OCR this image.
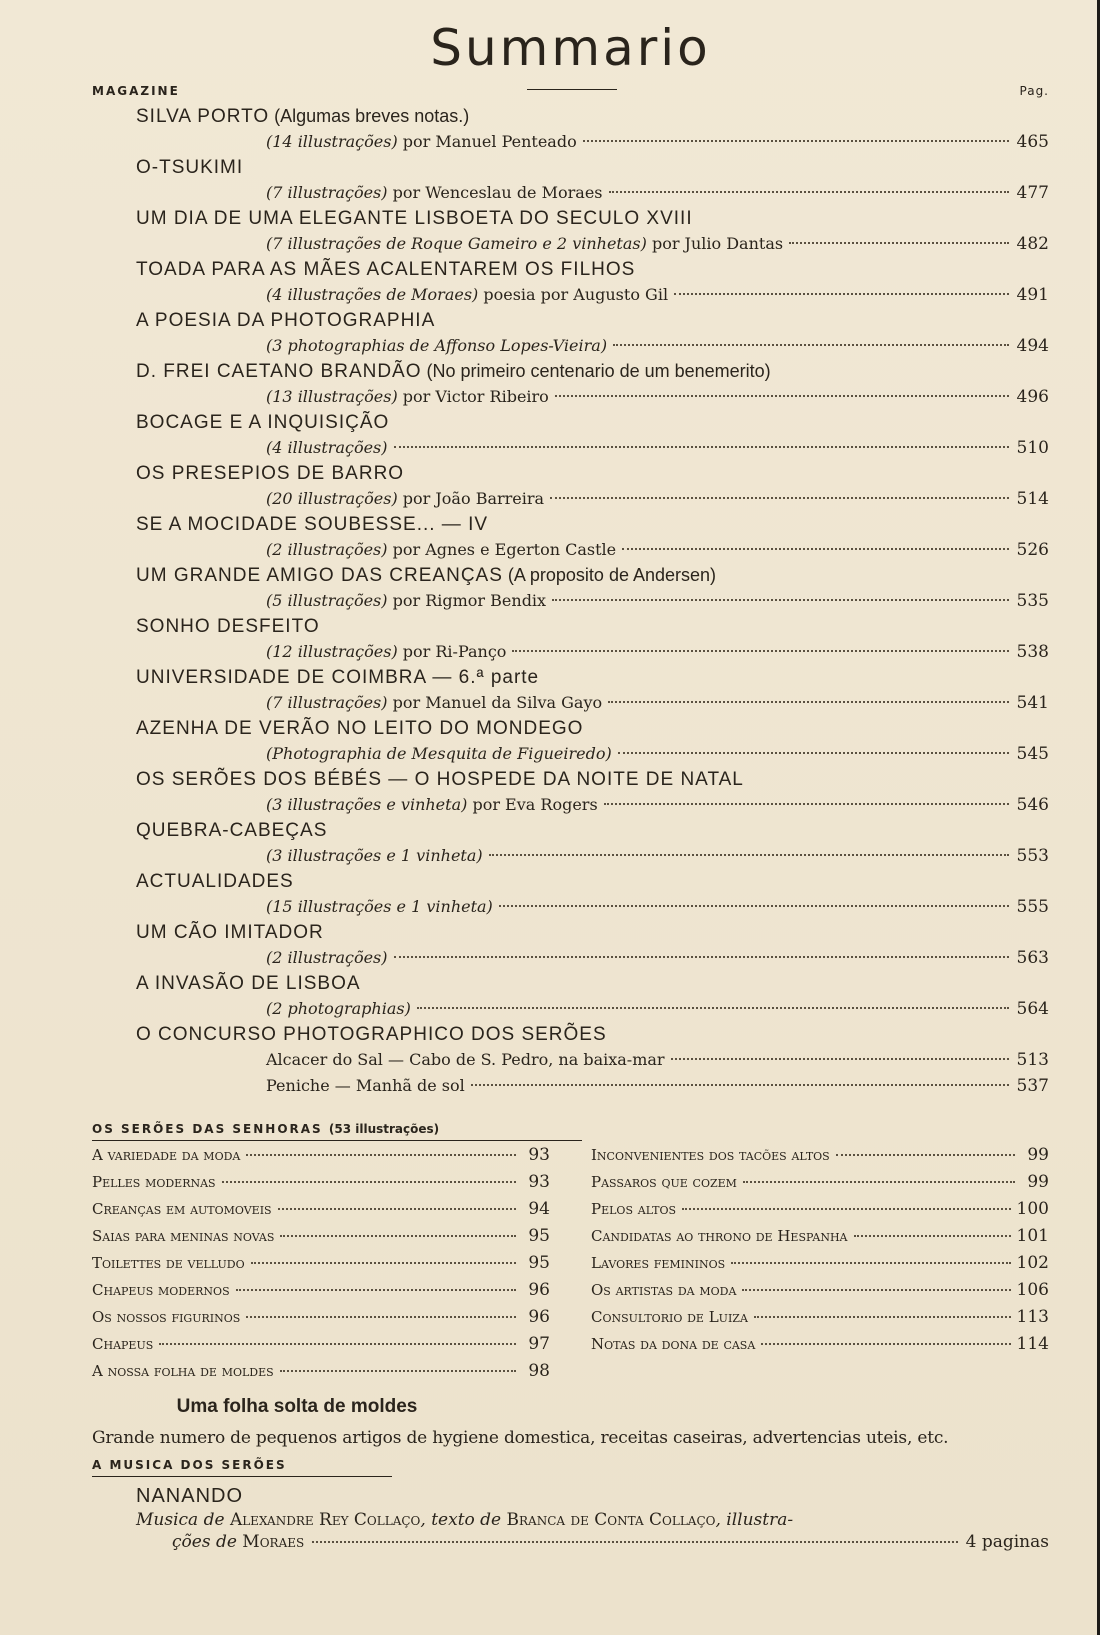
Summario
MAGAZINE	Pag.
SILVA PORTO (Algumas breves notas.)
(14 illustrações) por Manuel Penteado	465
O-TSUKIMI
(7 illustrações) por Wenceslau de Moraes	477
UM DIA DE UMA ELEGANTE LISBOETA DO SECULO XVIII
(7 illustrações de Roque Gameiro e 2 vinhetas) por Julio Dantas	482
TOADA PARA AS MÃES ACALENTAREM OS FILHOS
(4 illustrações de Moraes) poesia por Augusto Gil	491
A POESIA DA PHOTOGRAPHIA
(3 photographias de Affonso Lopes-Vieira)	494
D. FREI CAETANO BRANDÃO (No primeiro centenario de um benemerito)
(13 illustrações) por Victor Ribeiro	496
BOCAGE E A INQUISIÇÃO
(4 illustrações)	510
OS PRESEPIOS DE BARRO
(20 illustrações) por João Barreira	514
SE A MOCIDADE SOUBESSE... — IV
(2 illustrações) por Agnes e Egerton Castle	526
UM GRANDE AMIGO DAS CREANÇAS (A proposito de Andersen)
(5 illustrações) por Rigmor Bendix	535
SONHO DESFEITO
(12 illustrações) por Ri-Panço	538
UNIVERSIDADE DE COIMBRA — 6.ª parte
(7 illustrações) por Manuel da Silva Gayo	541
AZENHA DE VERÃO NO LEITO DO MONDEGO
(Photographia de Mesquita de Figueiredo)	545
OS SERÕES DOS BÉBÉS — O HOSPEDE DA NOITE DE NATAL
(3 illustrações e vinheta) por Eva Rogers	546
QUEBRA-CABEÇAS
(3 illustrações e 1 vinheta)	553
ACTUALIDADES
(15 illustrações e 1 vinheta)	555
UM CÃO IMITADOR
(2 illustrações)	563
A INVASÃO DE LISBOA
(2 photographias)	564
O CONCURSO PHOTOGRAPHICO DOS SERÕES
Alcacer do Sal — Cabo de S. Pedro, na baixa-mar	513
Peniche — Manhã de sol	537
OS SERÕES DAS SENHORAS (53 illustrações)
A variedade da moda	93
Pelles modernas	93
Creanças em automoveis	94
Saias para meninas novas	95
Toilettes de velludo	95
Chapeus modernos	96
Os nossos figurinos	96
Chapeus	97
A nossa folha de moldes	98
Inconvenientes dos tacões altos	99
Passaros que cozem	99
Pelos altos	100
Candidatas ao throno de Hespanha	101
Lavores femininos	102
Os artistas da moda	106
Consultorio de Luiza	113
Notas da dona de casa	114
Uma folha solta de moldes
Grande numero de pequenos artigos de hygiene domestica, receitas caseiras, advertencias uteis, etc.
A MUSICA DOS SERÕES
NANANDO
Musica de Alexandre Rey Collaço, texto de Branca de Conta Collaço, illustra-
ções de Moraes	4 paginas
